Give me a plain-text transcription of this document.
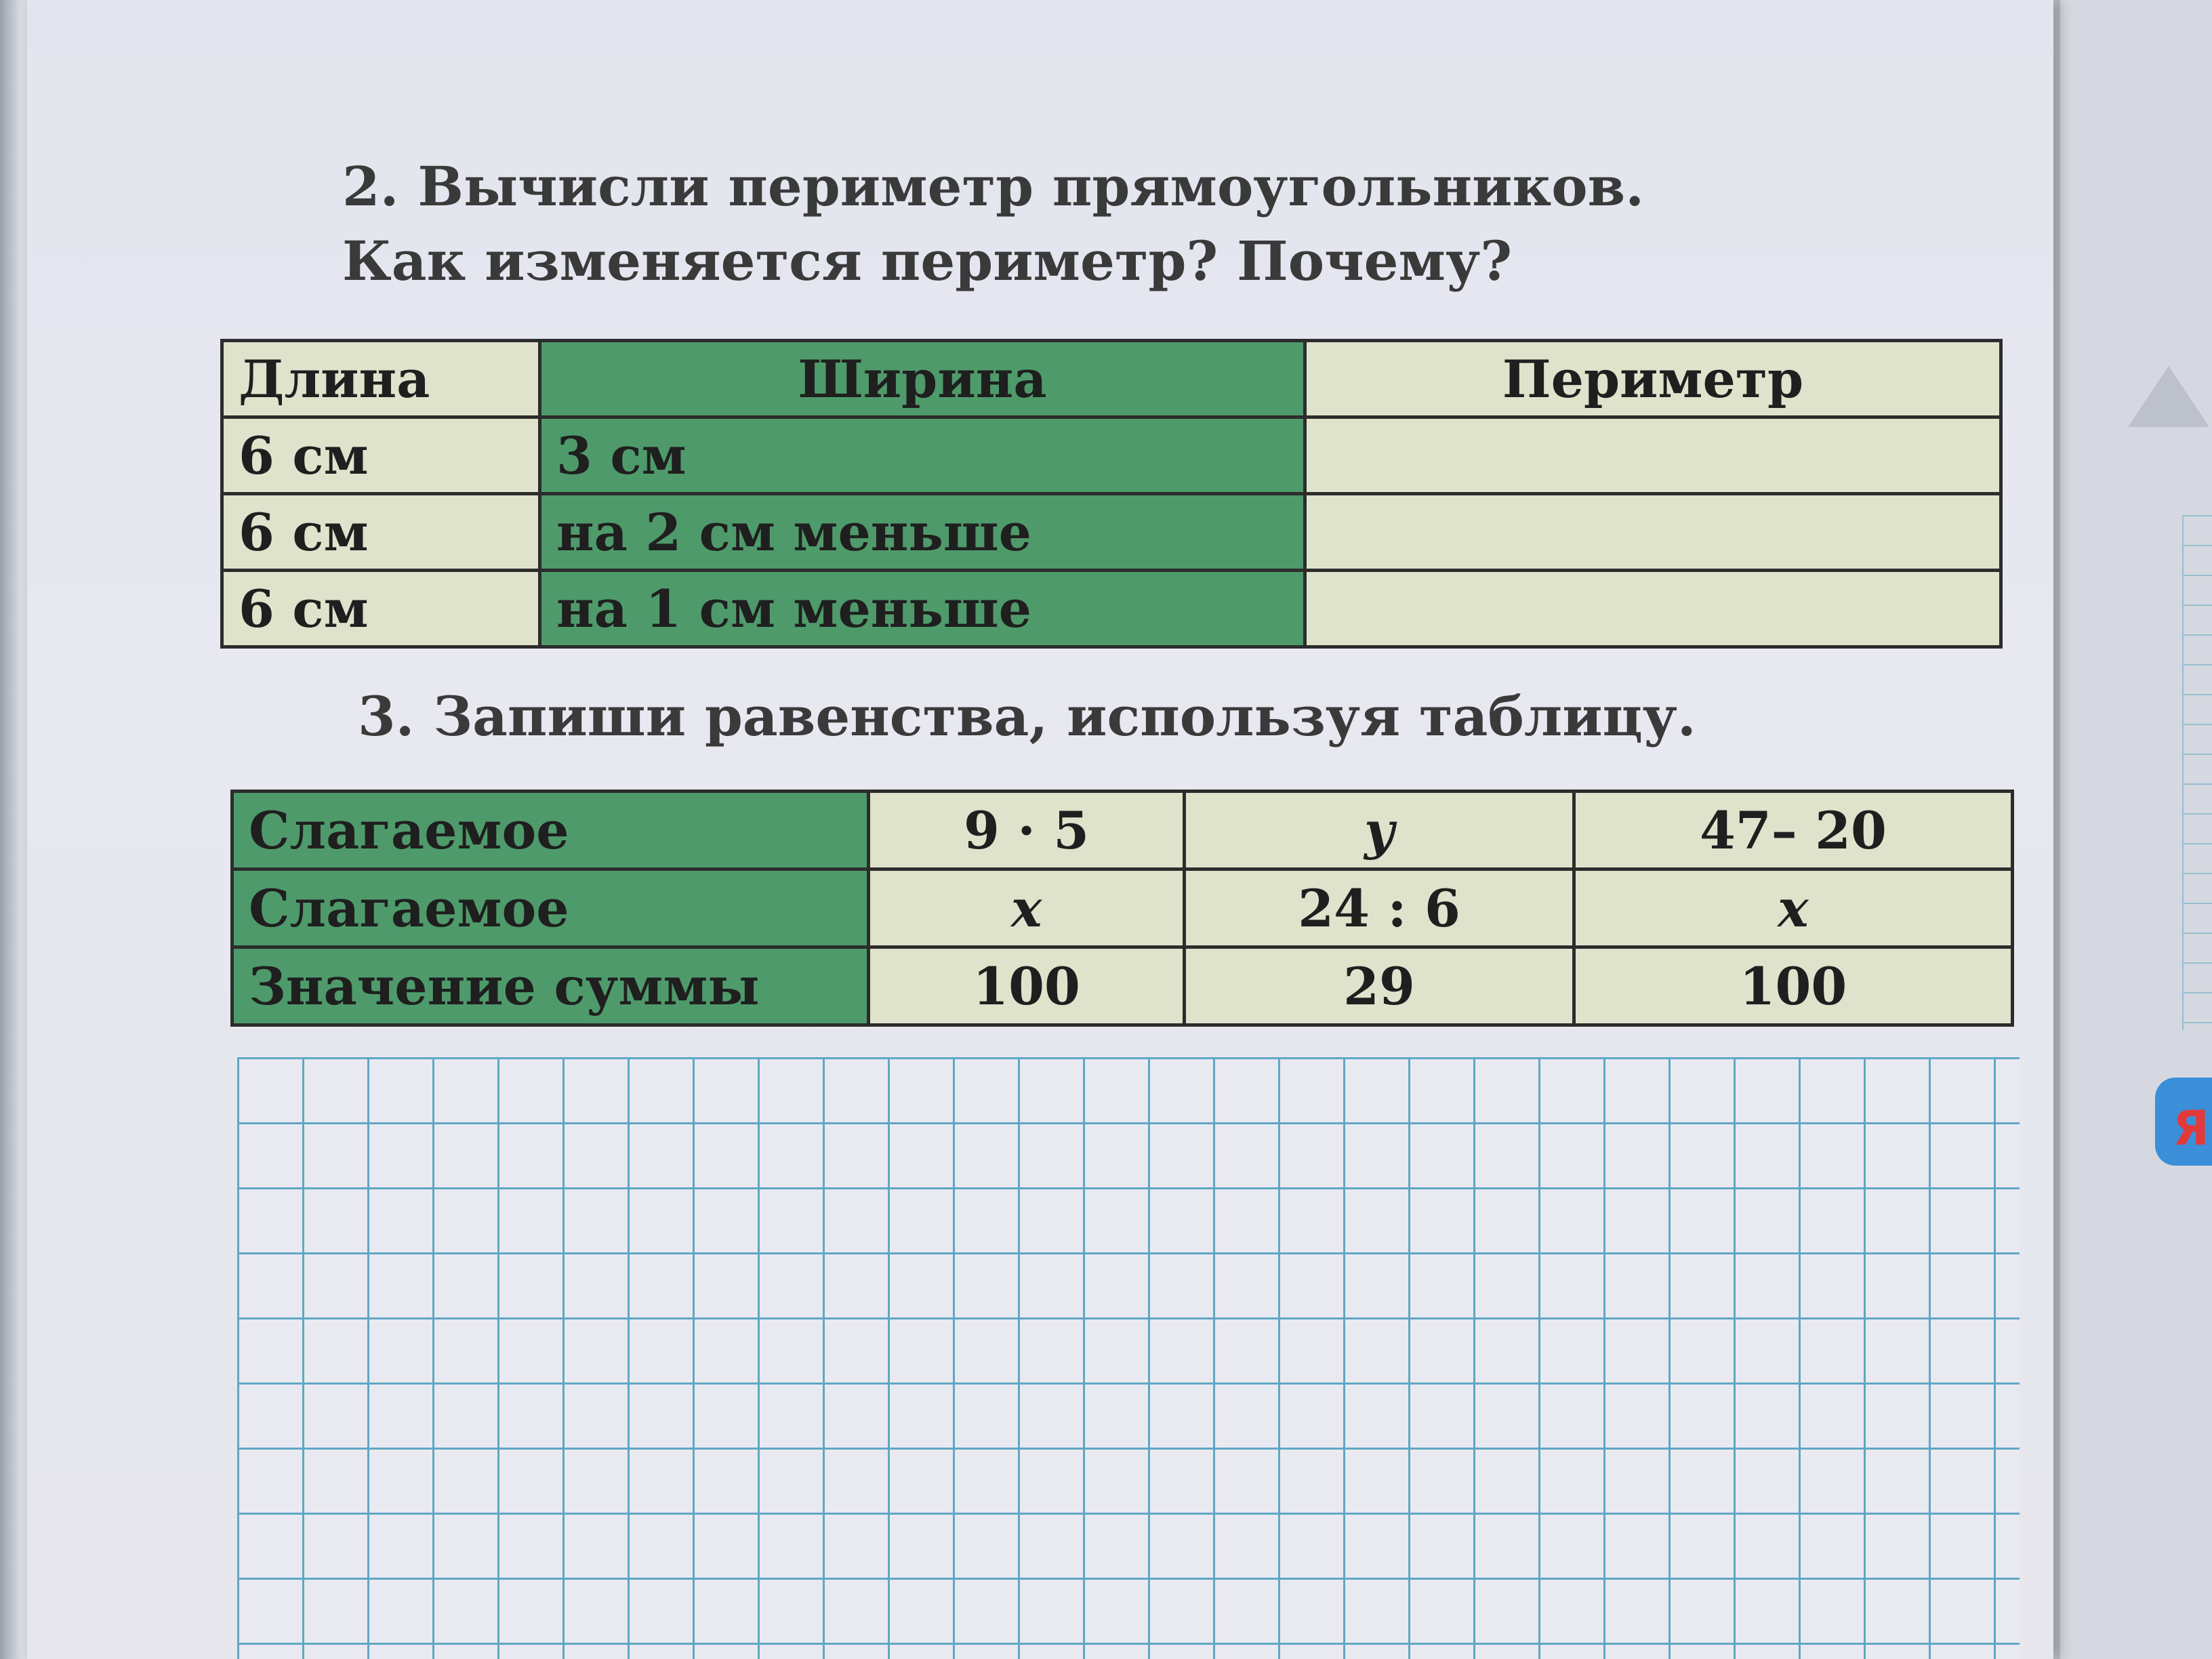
Я
2. Вычисли периметр прямоугольников.
Как изменяется периметр? Почему?
Длина	Ширина	Периметр
6 см	3 см	
6 см	на 2 см меньше	
6 см	на 1 см меньше	
3. Запиши равенства, используя таблицу.
Слагаемое	9 · 5	y	47– 20
Слагаемое	x	24 : 6	x
Значение суммы	100	29	100
